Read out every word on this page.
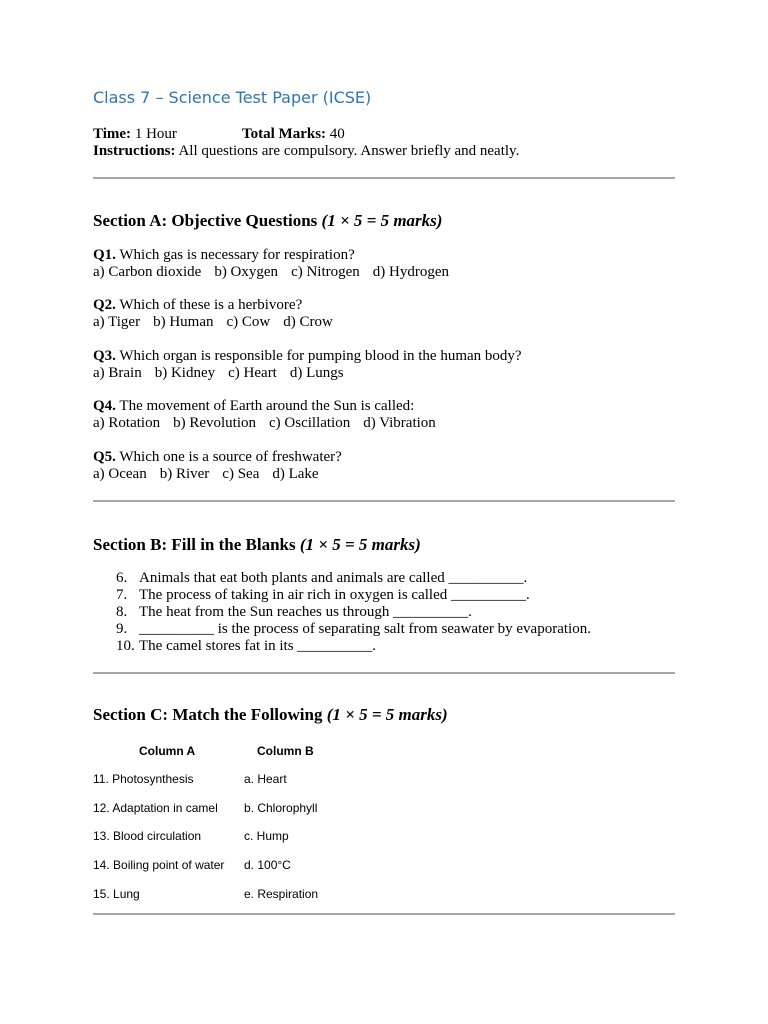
Class 7 – Science Test Paper (ICSE)
Time: 1 Hour	Total Marks: 40
Instructions: All questions are compulsory. Answer briefly and neatly.
Section A: Objective Questions (1 × 5 = 5 marks)
Q1. Which gas is necessary for respiration?
a) Carbon dioxide b) Oxygen c) Nitrogen d) Hydrogen
Q2. Which of these is a herbivore?
a) Tiger b) Human c) Cow d) Crow
Q3. Which organ is responsible for pumping blood in the human body?
a) Brain b) Kidney c) Heart d) Lungs
Q4. The movement of Earth around the Sun is called:
a) Rotation b) Revolution c) Oscillation d) Vibration
Q5. Which one is a source of freshwater?
a) Ocean b) River c) Sea d) Lake
Section B: Fill in the Blanks (1 × 5 = 5 marks)
6. Animals that eat both plants and animals are called __________.
7. The process of taking in air rich in oxygen is called __________.
8. The heat from the Sun reaches us through __________.
9. __________ is the process of separating salt from seawater by evaporation.
10. The camel stores fat in its __________.
Section C: Match the Following (1 × 5 = 5 marks)
Column A	Column B
11. Photosynthesis	a. Heart
12. Adaptation in camel b. Chlorophyll
13. Blood circulation	c. Hump
14. Boiling point of water d. 100°C
15. Lung	e. Respiration
